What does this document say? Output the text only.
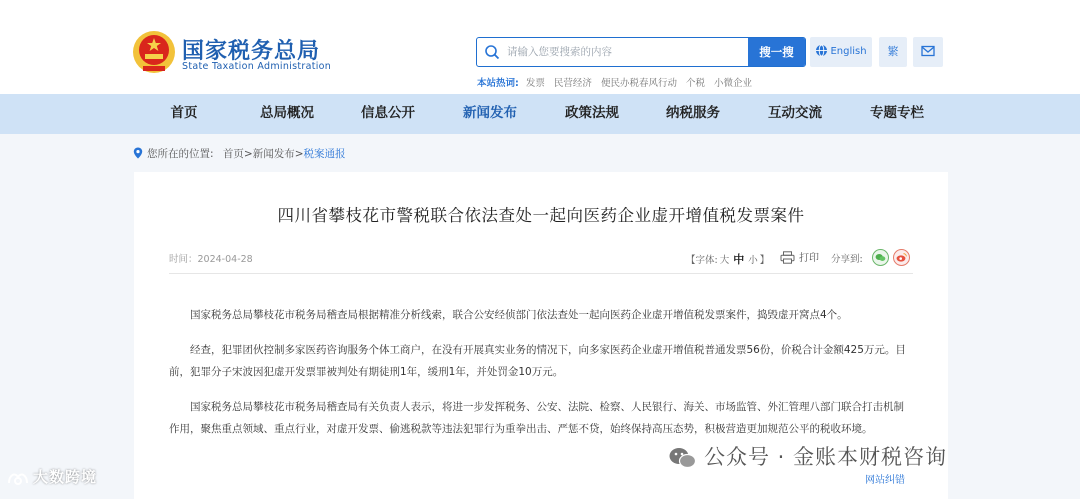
国家税务总局
State Taxation Administration
请输入您要搜索的内容
搜一搜
本站热词: 发票 民营经济 便民办税春风行动 个税 小微企业
English	繁
首页	总局概况	信息公开	新闻发布	政策法规	纳税服务	互动交流	专题专栏
您所在的位置: 首页>新闻发布>税案通报
四川省攀枝花市警税联合依法查处一起向医药企业虚开增值税发票案件
时间：2024-04-28	【字体: 大 中 小 】	打印 分享到:

国家税务总局攀枝花市税务局稽查局根据精准分析线索，联合公安经侦部门依法查处一起向医药企业虚开增值税发票案件，捣毁虚开窝点4个。

经查，犯罪团伙控制多家医药咨询服务个体工商户，在没有开展真实业务的情况下，向多家医药企业虚开增值税普通发票56份，价税合计金额425万元。目前，犯罪分子宋波因犯虚开发票罪被判处有期徒刑1年，缓刑1年，并处罚金10万元。

国家税务总局攀枝花市税务局稽查局有关负责人表示，将进一步发挥税务、公安、法院、检察、人民银行、海关、市场监管、外汇管理八部门联合打击机制作用，聚焦重点领域、重点行业，对虚开发票、偷逃税款等违法犯罪行为重拳出击、严惩不贷，始终保持高压态势，积极营造更加规范公平的税收环境。

网站纠错
大数跨境
公众号 · 金账本财税咨询
